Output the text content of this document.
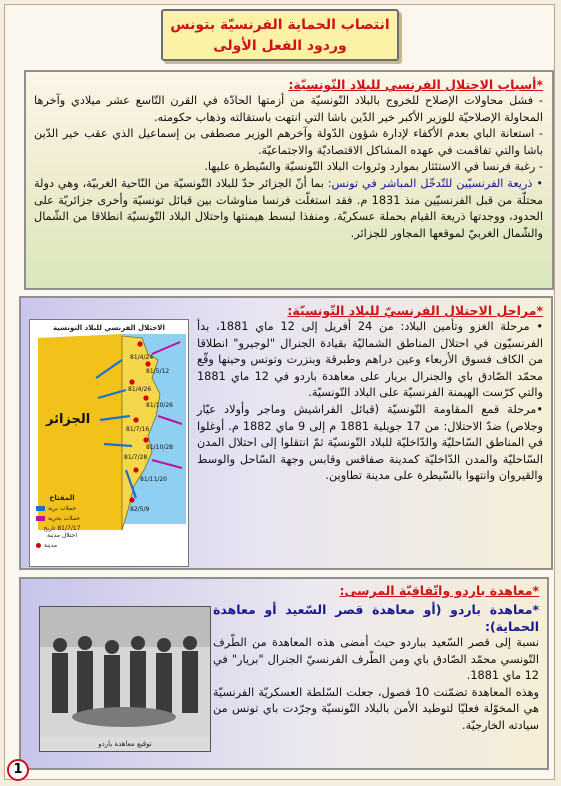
انتصاب الحماية الفرنسيّة بتونس
وردود الفعل الأولى
*أسباب الاحتلال الفرنسي للبلاد التّونسيّة:

- فشل محاولات الإصلاح للخروج بالبلاد التّونسيّة من أزمتها الحادّة في القرن التّاسع عشر ميلادي وآخرها المحاولة الإصلاحيّة للوزير الأكبر خير الدّين باشا التي انتهت باستقالته وذهاب حكومته.

- استعانة الباي بعدم الأكفاء لإدارة شؤون الدّولة وآخرهم الوزير مصطفى بن إسماعيل الذي عقب خير الدّين باشا والتي تفاقمت في عهده المشاكل الاقتصاديّة والاجتماعيّة.

- رغبة فرنسا في الاستئثار بموارد وثروات البلاد التّونسيّة والسّيطرة عليها.

• ذريعة الفرنسيّين للتّدخّل المباشر في تونس: بما أنّ الجزائر حدّ للبلاد التّونسيّة من النّاحية الغربيّة، وهي دولة محتلّة من قبل الفرنسيّين منذ 1831 م. فقد استغلّت فرنسا مناوشات بين قبائل تونسيّة وأخرى جزائريّة على الحدود، ووجدتها ذريعة القيام بحملة عسكريّة. ومنفذا لبسط هيمنتها واحتلال البلاد التّونسيّة انطلاقا من الشّمال والشّمال الغربيّ لموقعها المجاور للجزائر.

*مراحل الاحتلال الفرنسيّ للبلاد التّونسيّة:

• مرحلة الغزو وتأمين البلاد: من 24 أفريل إلى 12 ماي 1881، بدأ الفرنسيّون في احتلال المناطق الشماليّة بقيادة الجنرال "لوجيرو" انطلاقا من الكاف فسوق الأربعاء وعين دراهم وطبرقة وبنزرت وتونس وحينها وقّع محمّد الصّادق باي والجنرال بريار على معاهدة باردو في 12 ماي 1881 والتي كرّست الهيمنة الفرنسيّة على البلاد التّونسيّة.

•مرحلة قمع المقاومة التّونسيّة (قبائل الفراشيش وماجر وأولاد عيّار وجلاص) ضدّ الاحتلال: من 17 جويلية 1881 م إلى 9 ماي 1882 م. أوغلوا في المناطق السّاحليّة والدّاخليّة للبلاد التّونسيّة ثمّ انتقلوا إلى احتلال المدن السّاحليّة والمدن الدّاخليّة كمدينة صفاقس وقابس وجهة السّاحل والوسط والقيروان وانتهوا بالسّيطرة على مدينة تطاوين.

الاحتلال الفرنسي للبلاد التونسية
81/4/24
81/5/12
81/4/26
81/10/26
81/7/16
81/10/28
81/7/28
81/11/20
82/5/9
الجزائر
المفتاح
حملات برية
حملات بحرية
81/7/17 تاريخ احتلال مدينة
مدينة
*معاهدة باردو واتّفاقيّة المرسى:
*معاهدة باردو (أو معاهدة قصر السّعيد أو معاهدة الحماية):

نسبة إلى قصر السّعيد بباردو حيث أمضى هذه المعاهدة من الطّرف التّونسي محمّد الصّادق باي ومن الطّرف الفرنسيّ الجنرال "بريار" في 12 ماي 1881.

وهذه المعاهدة تضمّنت 10 فصول، جعلت السّلطة العسكريّة الفرنسيّة هي المخوّلة فعليّا لتوطيد الأمن بالبلاد التّونسيّة وجرّدت باي تونس من سيادته الخارجيّة.

توقيع معاهدة باردو
1
